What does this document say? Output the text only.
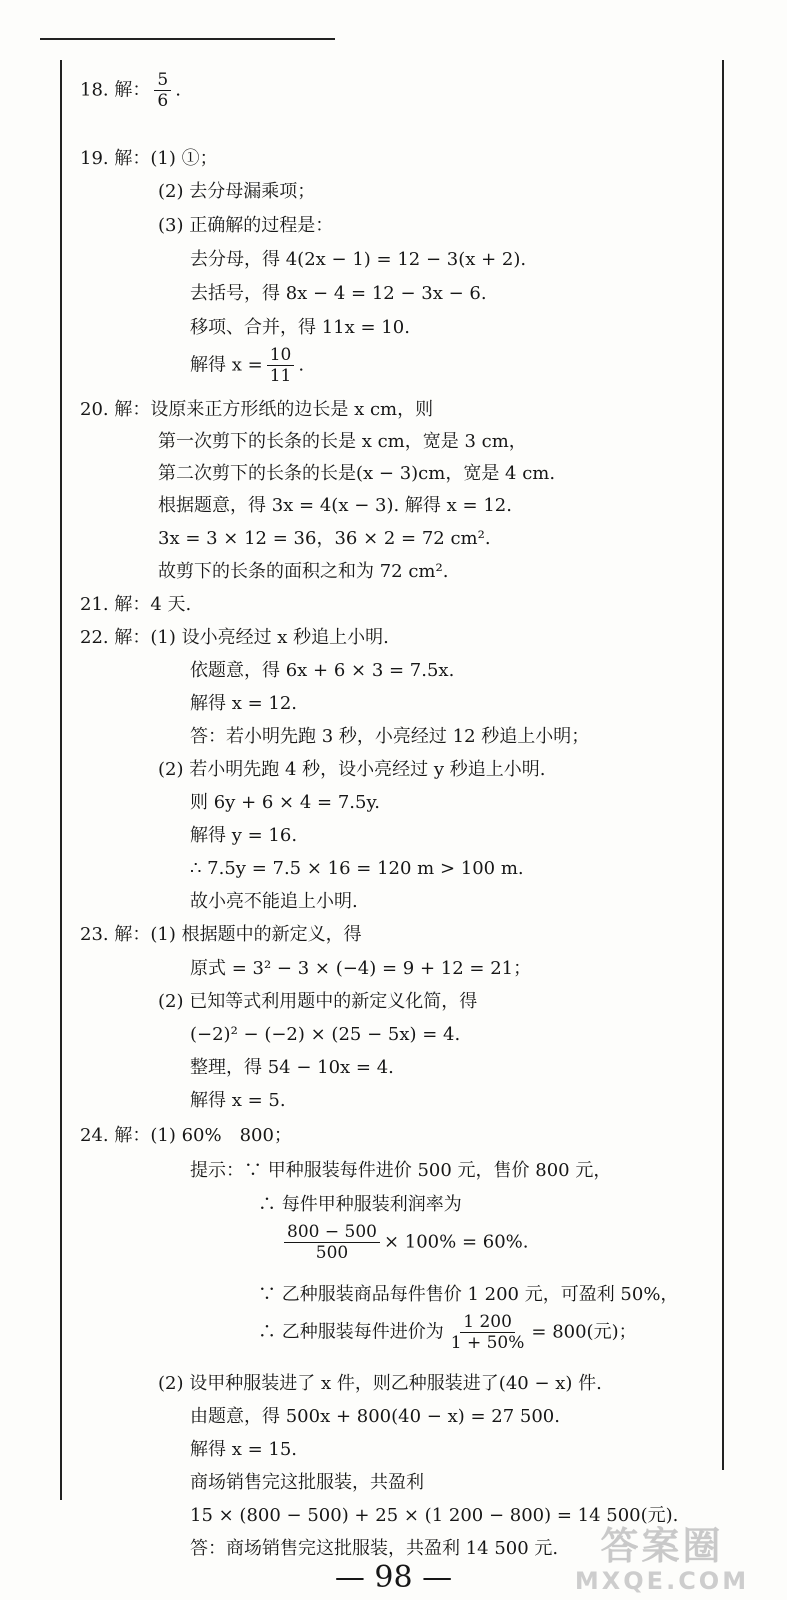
18. 解： $\frac{5}{6}$ .
19. 解：(1) ①；
(2) 去分母漏乘项；
(3) 正确解的过程是：
去分母，得 4(2x − 1) = 12 − 3(x + 2).
去括号，得 8x − 4 = 12 − 3x − 6.
移项、合并，得 11x = 10.
解得 $x = \frac{10}{11}$ .
20. 解：设原来正方形纸的边长是 x cm，则
第一次剪下的长条的长是 x cm，宽是 3 cm，
第二次剪下的长条的长是(x − 3)cm，宽是 4 cm.
根据题意，得 3x = 4(x − 3). 解得 x = 12.
3x = 3 × 12 = 36，36 × 2 = 72 cm².
故剪下的长条的面积之和为 72 cm².
21. 解：4 天.
22. 解：(1) 设小亮经过 x 秒追上小明.
依题意，得 6x + 6 × 3 = 7.5x.
解得 x = 12.
答：若小明先跑 3 秒，小亮经过 12 秒追上小明；
(2) 若小明先跑 4 秒，设小亮经过 y 秒追上小明.
则 6y + 6 × 4 = 7.5y.
解得 y = 16.
∴ 7.5y = 7.5 × 16 = 120 m > 100 m.
故小亮不能追上小明.
23. 解：(1) 根据题中的新定义，得
原式 = 3² − 3 × (−4) = 9 + 12 = 21；
(2) 已知等式利用题中的新定义化简，得
(−2)² − (−2) × (25 − 5x) = 4.
整理，得 54 − 10x = 4.
解得 x = 5.
24. 解：(1) 60%　800；
提示：∵ 甲种服装每件进价 500 元，售价 800 元，
∴ 每件甲种服装利润率为
$\frac{800 - 500}{500} \times 100\% = 60\%$.
∵ 乙种服装商品每件售价 1 200 元，可盈利 50%，
∴ 乙种服装每件进价为 $\frac{1 200}{1 + 50\%} = 800$(元)；
(2) 设甲种服装进了 x 件，则乙种服装进了(40 − x) 件.
由题意，得 500x + 800(40 − x) = 27 500.
解得 x = 15.
商场销售完这批服装，共盈利
15 × (800 − 500) + 25 × (1 200 − 800) = 14 500(元).
答：商场销售完这批服装，共盈利 14 500 元.
— 98 —
答案圈
MXQE.COM
